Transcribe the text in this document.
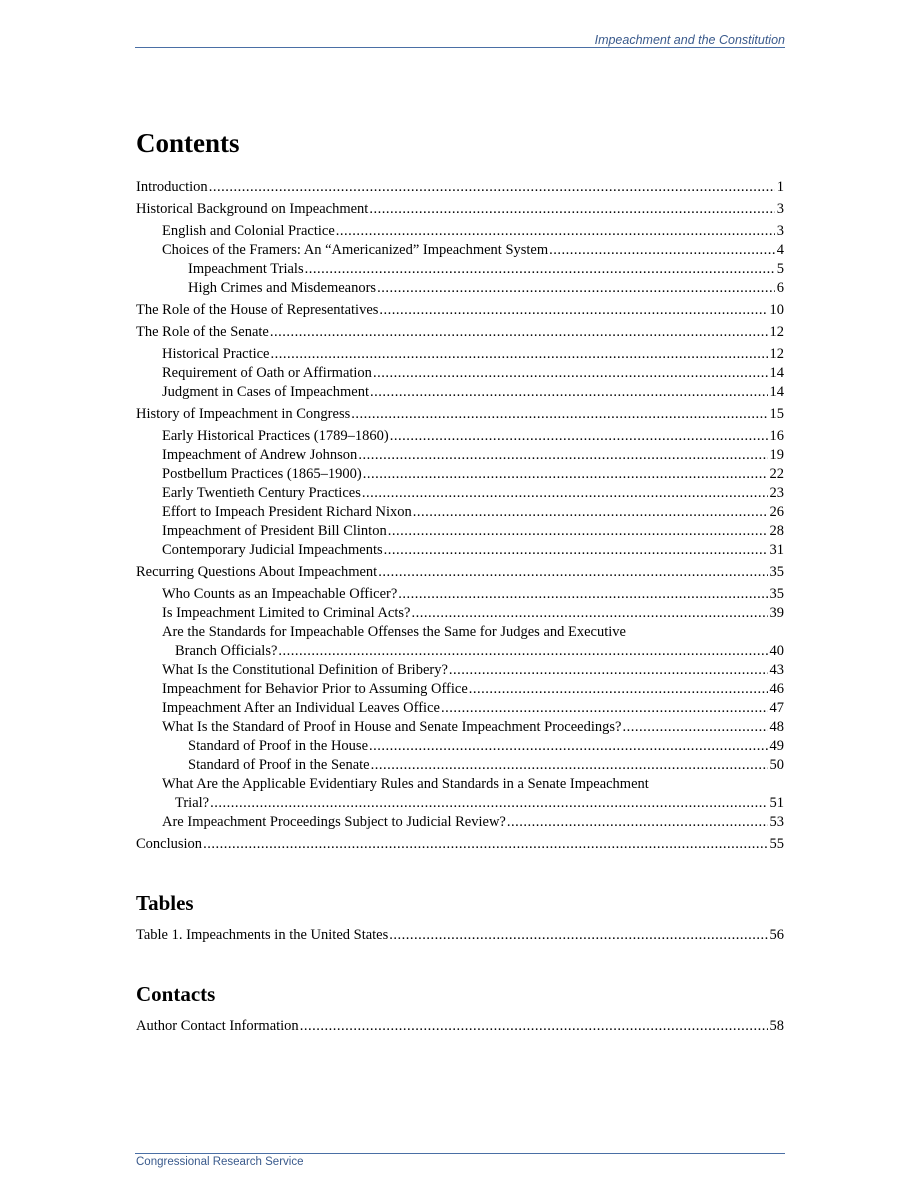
Impeachment and the Constitution
Contents
Introduction .....	1
Historical Background on Impeachment .....	3
English and Colonial Practice .....	3
Choices of the Framers: An “Americanized” Impeachment System .....	4
Impeachment Trials .....	5
High Crimes and Misdemeanors .....	6
The Role of the House of Representatives .....	10
The Role of the Senate .....	12
Historical Practice .....	12
Requirement of Oath or Affirmation .....	14
Judgment in Cases of Impeachment .....	14
History of Impeachment in Congress .....	15
Early Historical Practices (1789–1860) .....	16
Impeachment of Andrew Johnson .....	19
Postbellum Practices (1865–1900) .....	22
Early Twentieth Century Practices .....	23
Effort to Impeach President Richard Nixon .....	26
Impeachment of President Bill Clinton .....	28
Contemporary Judicial Impeachments .....	31
Recurring Questions About Impeachment .....	35
Who Counts as an Impeachable Officer? .....	35
Is Impeachment Limited to Criminal Acts? .....	39
Are the Standards for Impeachable Offenses the Same for Judges and Executive
Branch Officials? .....	40
What Is the Constitutional Definition of Bribery? .....	43
Impeachment for Behavior Prior to Assuming Office .....	46
Impeachment After an Individual Leaves Office .....	47
What Is the Standard of Proof in House and Senate Impeachment Proceedings? .....	48
Standard of Proof in the House .....	49
Standard of Proof in the Senate .....	50
What Are the Applicable Evidentiary Rules and Standards in a Senate Impeachment
Trial? .....	51
Are Impeachment Proceedings Subject to Judicial Review? .....	53
Conclusion .....	55
Tables
Table 1. Impeachments in the United States .....	56
Contacts
Author Contact Information .....	58
Congressional Research Service
